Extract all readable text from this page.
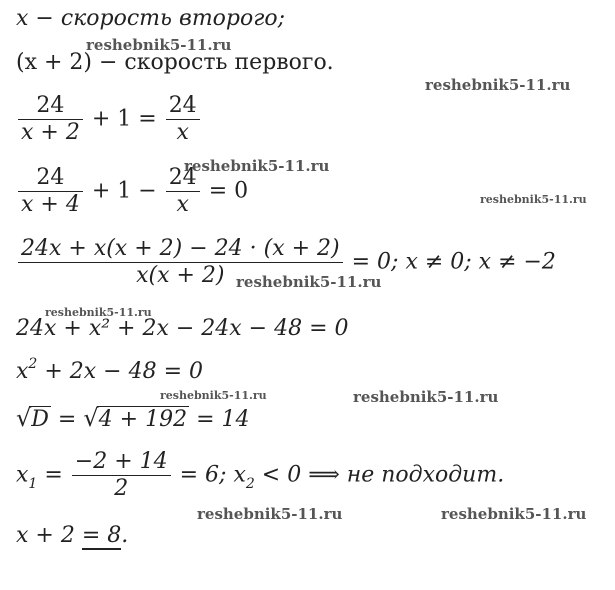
x − скорость второго;
(x + 2) − скорость первого.
$\frac{24}{x + 2} + 1 = \frac{24}{x}$
$\frac{24}{x + 4} + 1 - \frac{24}{x} = 0$
$\frac{24x + x(x + 2) - 24 \cdot (x + 2)}{x(x + 2)} = 0$; x ≠ 0; x ≠ −2
24x + x² + 2x − 24x − 48 = 0
$x^2 + 2x - 48 = 0$
√D = √4 + 192 = 14
$x_1 = \frac{-2 + 14}{2} = 6$; $x_2 < 0$ ⟹ не подходит.
x + 2 = 8.
reshebnik5-11.ru
reshebnik5-11.ru
reshebnik5-11.ru
reshebnik5-11.ru
reshebnik5-11.ru
reshebnik5-11.ru
reshebnik5-11.ru	reshebnik5-11.ru
reshebnik5-11.ru	reshebnik5-11.ru
